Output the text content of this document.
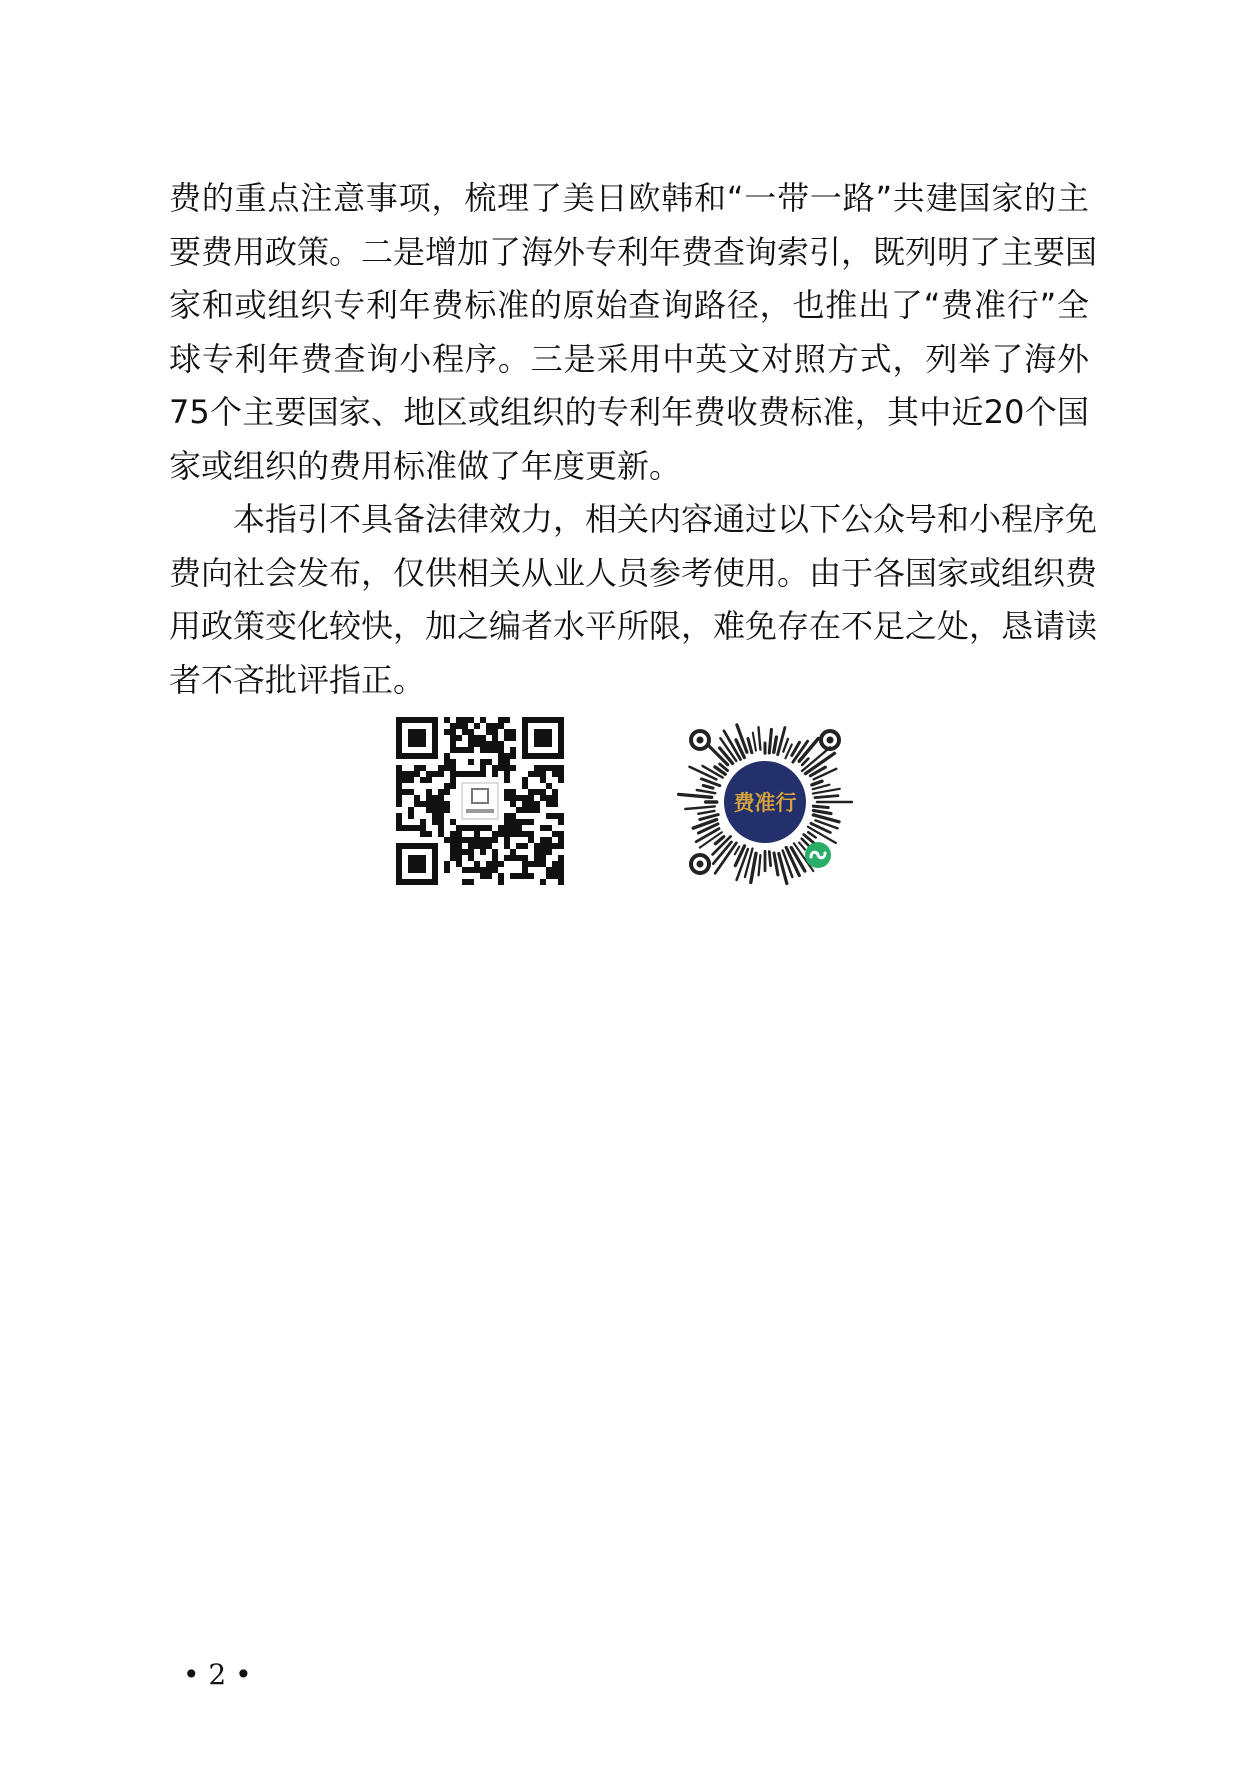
费的重点注意事项，梳理了美日欧韩和“一带一路”共建国家的主
要费用政策。二是增加了海外专利年费查询索引，既列明了主要国
家和或组织专利年费标准的原始查询路径，也推出了“费准行”全
球专利年费查询小程序。三是采用中英文对照方式，列举了海外
75个主要国家、地区或组织的专利年费收费标准，其中近20个国
家或组织的费用标准做了年度更新。
本指引不具备法律效力，相关内容通过以下公众号和小程序免
费向社会发布，仅供相关从业人员参考使用。由于各国家或组织费
用政策变化较快，加之编者水平所限，难免存在不足之处，恳请读
者不吝批评指正。
费准行
• 2 •
